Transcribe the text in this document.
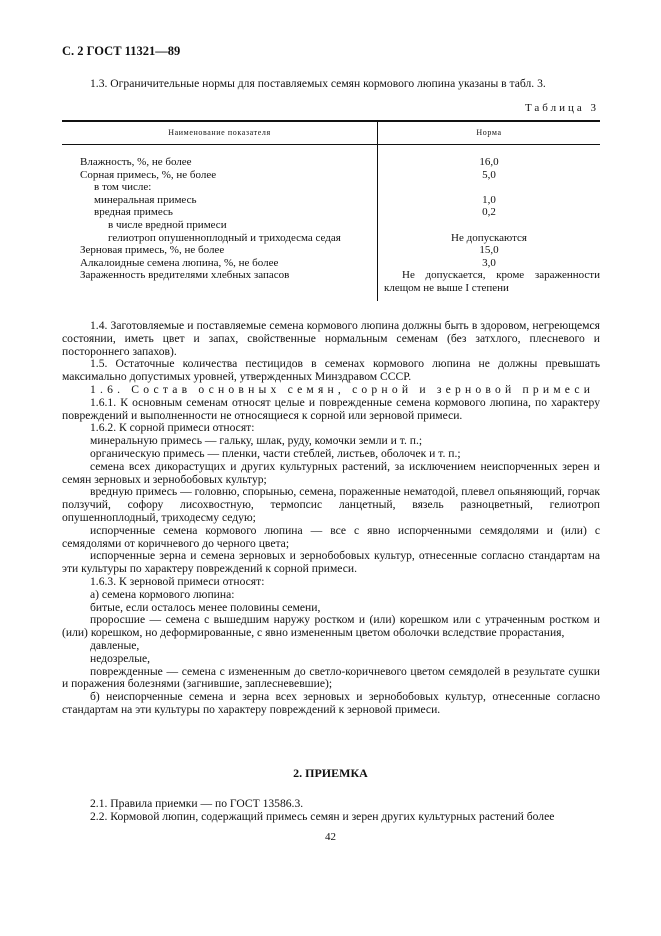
С. 2 ГОСТ 11321—89

1.3. Ограничительные нормы для поставляемых семян кормового люпина указаны в табл. 3.

Таблица 3
Наименование показателя	Норма
Влажность, %, не более	16,0
Сорная примесь, %, не более	5,0
в том числе:
минеральная примесь	1,0
вредная примесь	0,2
в числе вредной примеси
гелиотроп опушенноплодный и триходесма седая	Не допускаются
Зерновая примесь, %, не более	15,0
Алкалоидные семена люпина, %, не более	3,0
Зараженность вредителями хлебных запасов	Не допускается, кроме зараженности клещом не выше I степени

1.4. Заготовляемые и поставляемые семена кормового люпина должны быть в здоровом, негреющемся состоянии, иметь цвет и запах, свойственные нормальным семенам (без затхлого, плесневого и постороннего запахов).

1.5. Остаточные количества пестицидов в семенах кормового люпина не должны превышать максимально допустимых уровней, утвержденных Минздравом СССР.

1.6. Состав основных семян, сорной и зерновой примеси

1.6.1. К основным семенам относят целые и поврежденные семена кормового люпина, по характеру повреждений и выполненности не относящиеся к сорной или зерновой примеси.

1.6.2. К сорной примеси относят:

минеральную примесь — гальку, шлак, руду, комочки земли и т. п.;

органическую примесь — пленки, части стеблей, листьев, оболочек и т. п.;

семена всех дикорастущих и других культурных растений, за исключением неиспорченных зерен и семян зерновых и зернобобовых культур;

вредную примесь — головню, спорынью, семена, пораженные нематодой, плевел опьяняющий, горчак ползучий, софору лисохвостную, термопсис ланцетный, вязель разноцветный, гелиотроп опушенноплодный, триходесму седую;

испорченные семена кормового люпина — все с явно испорченными семядолями и (или) с семядолями от коричневого до черного цвета;

испорченные зерна и семена зерновых и зернобобовых культур, отнесенные согласно стандартам на эти культуры по характеру повреждений к сорной примеси.

1.6.3. К зерновой примеси относят:

а) семена кормового люпина:

битые, если осталось менее половины семени,

проросшие — семена с вышедшим наружу ростком и (или) корешком или с утраченным ростком и (или) корешком, но деформированные, с явно измененным цветом оболочки вследствие прорастания,

давленые,

недозрелые,

поврежденные — семена с измененным до светло-коричневого цветом семядолей в результате сушки и поражения болезнями (загнившие, заплесневевшие);

б) неиспорченные семена и зерна всех зерновых и зернобобовых культур, отнесенные согласно стандартам на эти культуры по характеру повреждений к зерновой примеси.

2. ПРИЕМКА

2.1. Правила приемки — по ГОСТ 13586.3.

2.2. Кормовой люпин, содержащий примесь семян и зерен других культурных растений более

42
